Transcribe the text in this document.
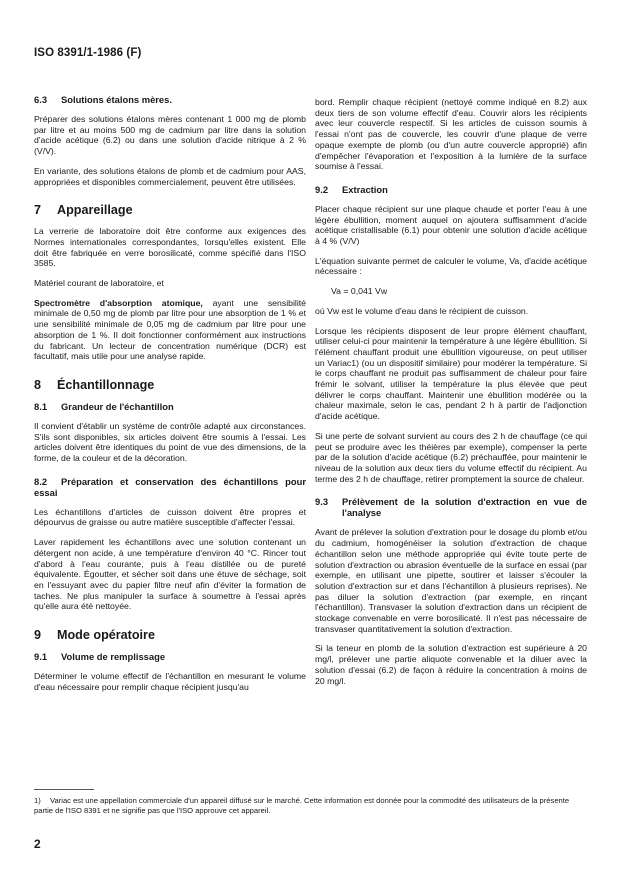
ISO 8391/1-1986 (F)
6.3 Solutions étalons mères.

Préparer des solutions étalons mères contenant 1 000 mg de plomb par litre et au moins 500 mg de cadmium par litre dans la solution d'acide acétique (6.2) ou dans une solution d'acide nitrique à 2 % (V/V).

En variante, des solutions étalons de plomb et de cadmium pour AAS, appropriées et disponibles commercialement, peuvent être utilisées.

7 Appareillage

La verrerie de laboratoire doit être conforme aux exigences des Normes internationales correspondantes, lorsqu'elles existent. Elle doit être fabriquée en verre borosilicaté, comme spécifié dans l'ISO 3585.

Matériel courant de laboratoire, et

Spectromètre d'absorption atomique, ayant une sensibilité minimale de 0,50 mg de plomb par litre pour une absorption de 1 % et une sensibilité minimale de 0,05 mg de cadmium par litre pour une absorption de 1 %. Il doit fonctionner conformément aux instructions du fabricant. Un lecteur de concentration numérique (DCR) est facultatif, mais utile pour une analyse rapide.

8 Échantillonnage
8.1 Grandeur de l'échantillon

Il convient d'établir un système de contrôle adapté aux circonstances. S'ils sont disponibles, six articles doivent être soumis à l'essai. Les articles doivent être identiques du point de vue des dimensions, de la forme, de la couleur et de la décoration.

8.2 Préparation et conservation des échantillons pour essai

Les échantillons d'articles de cuisson doivent être propres et dépourvus de graisse ou autre matière susceptible d'affecter l'essai.

Laver rapidement les échantillons avec une solution contenant un détergent non acide, à une température d'environ 40 °C. Rincer tout d'abord à l'eau courante, puis à l'eau distillée ou de pureté équivalente. Égoutter, et sécher soit dans une étuve de séchage, soit en l'essuyant avec du papier filtre neuf afin d'éviter la formation de taches. Ne plus manipuler la surface à soumettre à l'essai après qu'elle aura été nettoyée.

9 Mode opératoire
9.1 Volume de remplissage

Déterminer le volume effectif de l'échantillon en mesurant le volume d'eau nécessaire pour remplir chaque récipient jusqu'au

bord. Remplir chaque récipient (nettoyé comme indiqué en 8.2) aux deux tiers de son volume effectif d'eau. Couvrir alors les récipients avec leur couvercle respectif. Si les articles de cuisson soumis à l'essai n'ont pas de couvercle, les couvrir d'une plaque de verre opaque exempte de plomb (ou d'un autre couvercle approprié) afin d'empêcher l'évaporation et l'exposition à la lumière de la surface soumise à l'essai.

9.2 Extraction

Placer chaque récipient sur une plaque chaude et porter l'eau à une légère ébullition, moment auquel on ajoutera suffisamment d'acide acétique cristallisable (6.1) pour obtenir une solution d'acide acétique à 4 % (V/V)

L'équation suivante permet de calculer le volume, Va, d'acide acétique nécessaire :

Va = 0,041 Vw

où Vw est le volume d'eau dans le récipient de cuisson.

Lorsque les récipients disposent de leur propre élément chauffant, utiliser celui-ci pour maintenir la température à une légère ébullition. Si l'élément chauffant produit une ébullition vigoureuse, on peut utiliser un Variac1) (ou un dispositif similaire) pour modérer la température. Si le corps chauffant ne produit pas suffisamment de chaleur pour faire frémir le solvant, utiliser la température la plus élevée que peut délivrer le corps chauffant. Maintenir une ébullition modérée ou la chaleur maximale, selon le cas, pendant 2 h à partir de l'adjonction d'acide acétique.

Si une perte de solvant survient au cours des 2 h de chauffage (ce qui peut se produire avec les théières par exemple), compenser la perte par de la solution d'acide acétique (6.2) préchauffée, pour maintenir le niveau de la solution aux deux tiers du volume effectif du récipient. Au terme des 2 h de chauffage, retirer promptement la source de chaleur.

9.3	Prélèvement de la solution d'extraction en vue de l'analyse

Avant de prélever la solution d'extration pour le dosage du plomb et/ou du cadmium, homogénéiser la solution d'extraction de chaque échantillon selon une méthode appropriée qui évite toute perte de solution d'extraction ou abrasion éventuelle de la surface en essai (par exemple, en utilisant une pipette, soutirer et laisser s'écouler la solution d'extraction sur et dans l'échantillon à plusieurs reprises). Ne pas diluer la solution d'extraction (par exemple, en rinçant l'échantillon). Transvaser la solution d'extraction dans un récipient de stockage convenable en verre borosilicaté. Il n'est pas nécessaire de transvaser quantitativement la solution d'extraction.

Si la teneur en plomb de la solution d'extraction est supérieure à 20 mg/l, prélever une partie aliquote convenable et la diluer avec la solution d'essai (6.2) de façon à réduire la concentration à moins de 20 mg/l.

1) Variac est une appellation commerciale d'un appareil diffusé sur le marché. Cette information est donnée pour la commodité des utilisateurs de la présente partie de l'ISO 8391 et ne signifie pas que l'ISO approuve cet appareil.
2
